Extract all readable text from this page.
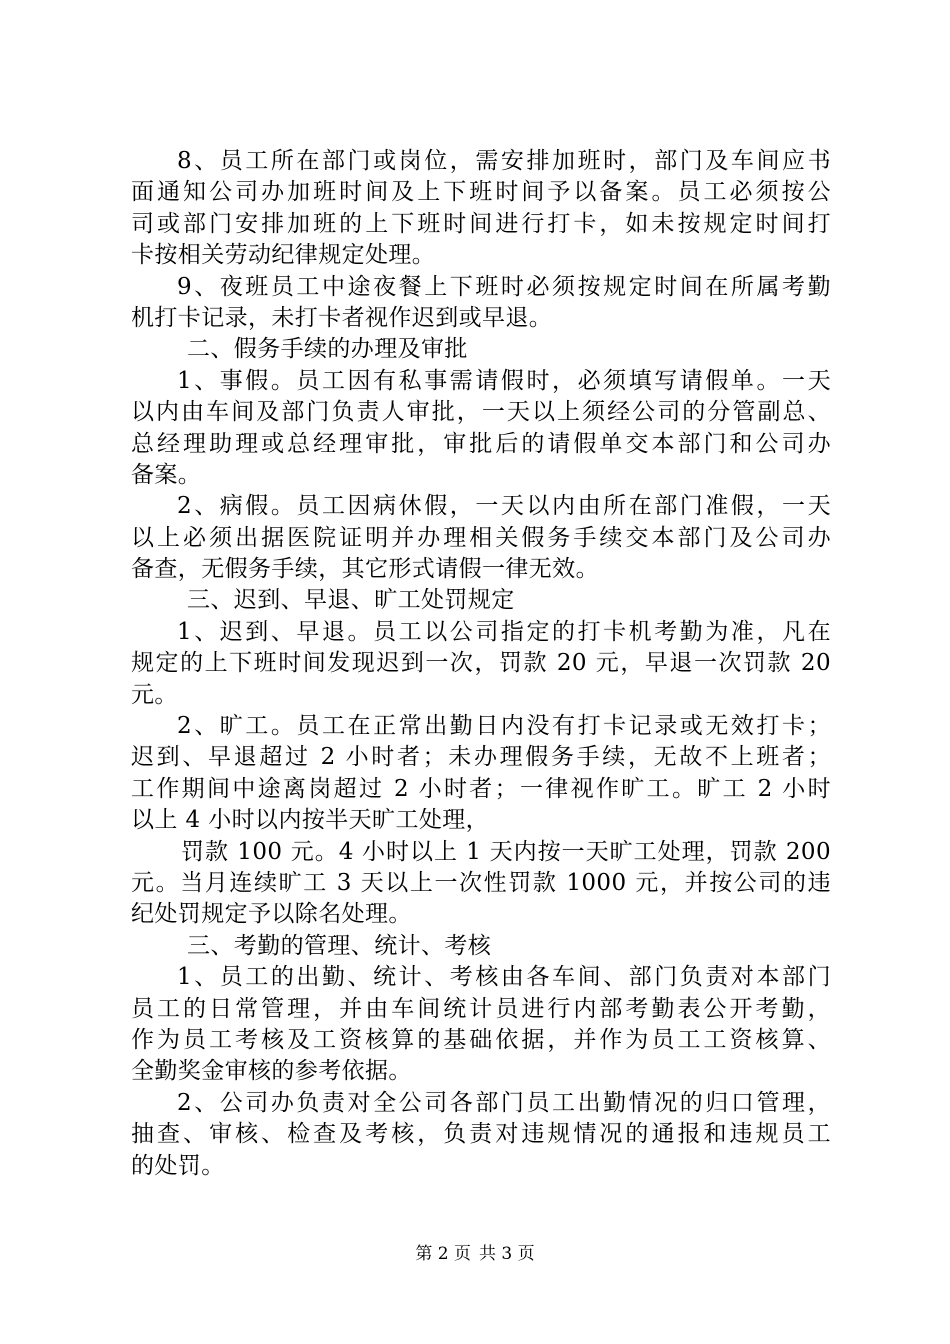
8、员工所在部门或岗位，需安排加班时，部门及车间应书
面通知公司办加班时间及上下班时间予以备案。员工必须按公
司或部门安排加班的上下班时间进行打卡，如未按规定时间打
卡按相关劳动纪律规定处理。
9、夜班员工中途夜餐上下班时必须按规定时间在所属考勤
机打卡记录，未打卡者视作迟到或早退。
二、假务手续的办理及审批
1、事假。员工因有私事需请假时，必须填写请假单。一天
以内由车间及部门负责人审批，一天以上须经公司的分管副总、
总经理助理或总经理审批，审批后的请假单交本部门和公司办
备案。
2、病假。员工因病休假，一天以内由所在部门准假，一天
以上必须出据医院证明并办理相关假务手续交本部门及公司办
备查，无假务手续，其它形式请假一律无效。
三、迟到、早退、旷工处罚规定
1、迟到、早退。员工以公司指定的打卡机考勤为准，凡在
规定的上下班时间发现迟到一次，罚款 20 元，早退一次罚款 20
元。
2、旷工。员工在正常出勤日内没有打卡记录或无效打卡；
迟到、早退超过 2 小时者；未办理假务手续，无故不上班者；
工作期间中途离岗超过 2 小时者；一律视作旷工。旷工 2 小时
以上 4 小时以内按半天旷工处理，
罚款 100 元。4 小时以上 1 天内按一天旷工处理，罚款 200
元。当月连续旷工 3 天以上一次性罚款 1000 元，并按公司的违
纪处罚规定予以除名处理。
三、考勤的管理、统计、考核
1、员工的出勤、统计、考核由各车间、部门负责对本部门
员工的日常管理，并由车间统计员进行内部考勤表公开考勤，
作为员工考核及工资核算的基础依据，并作为员工工资核算、
全勤奖金审核的参考依据。
2、公司办负责对全公司各部门员工出勤情况的归口管理，
抽查、审核、检查及考核，负责对违规情况的通报和违规员工
的处罚。
第 2 页 共 3 页
